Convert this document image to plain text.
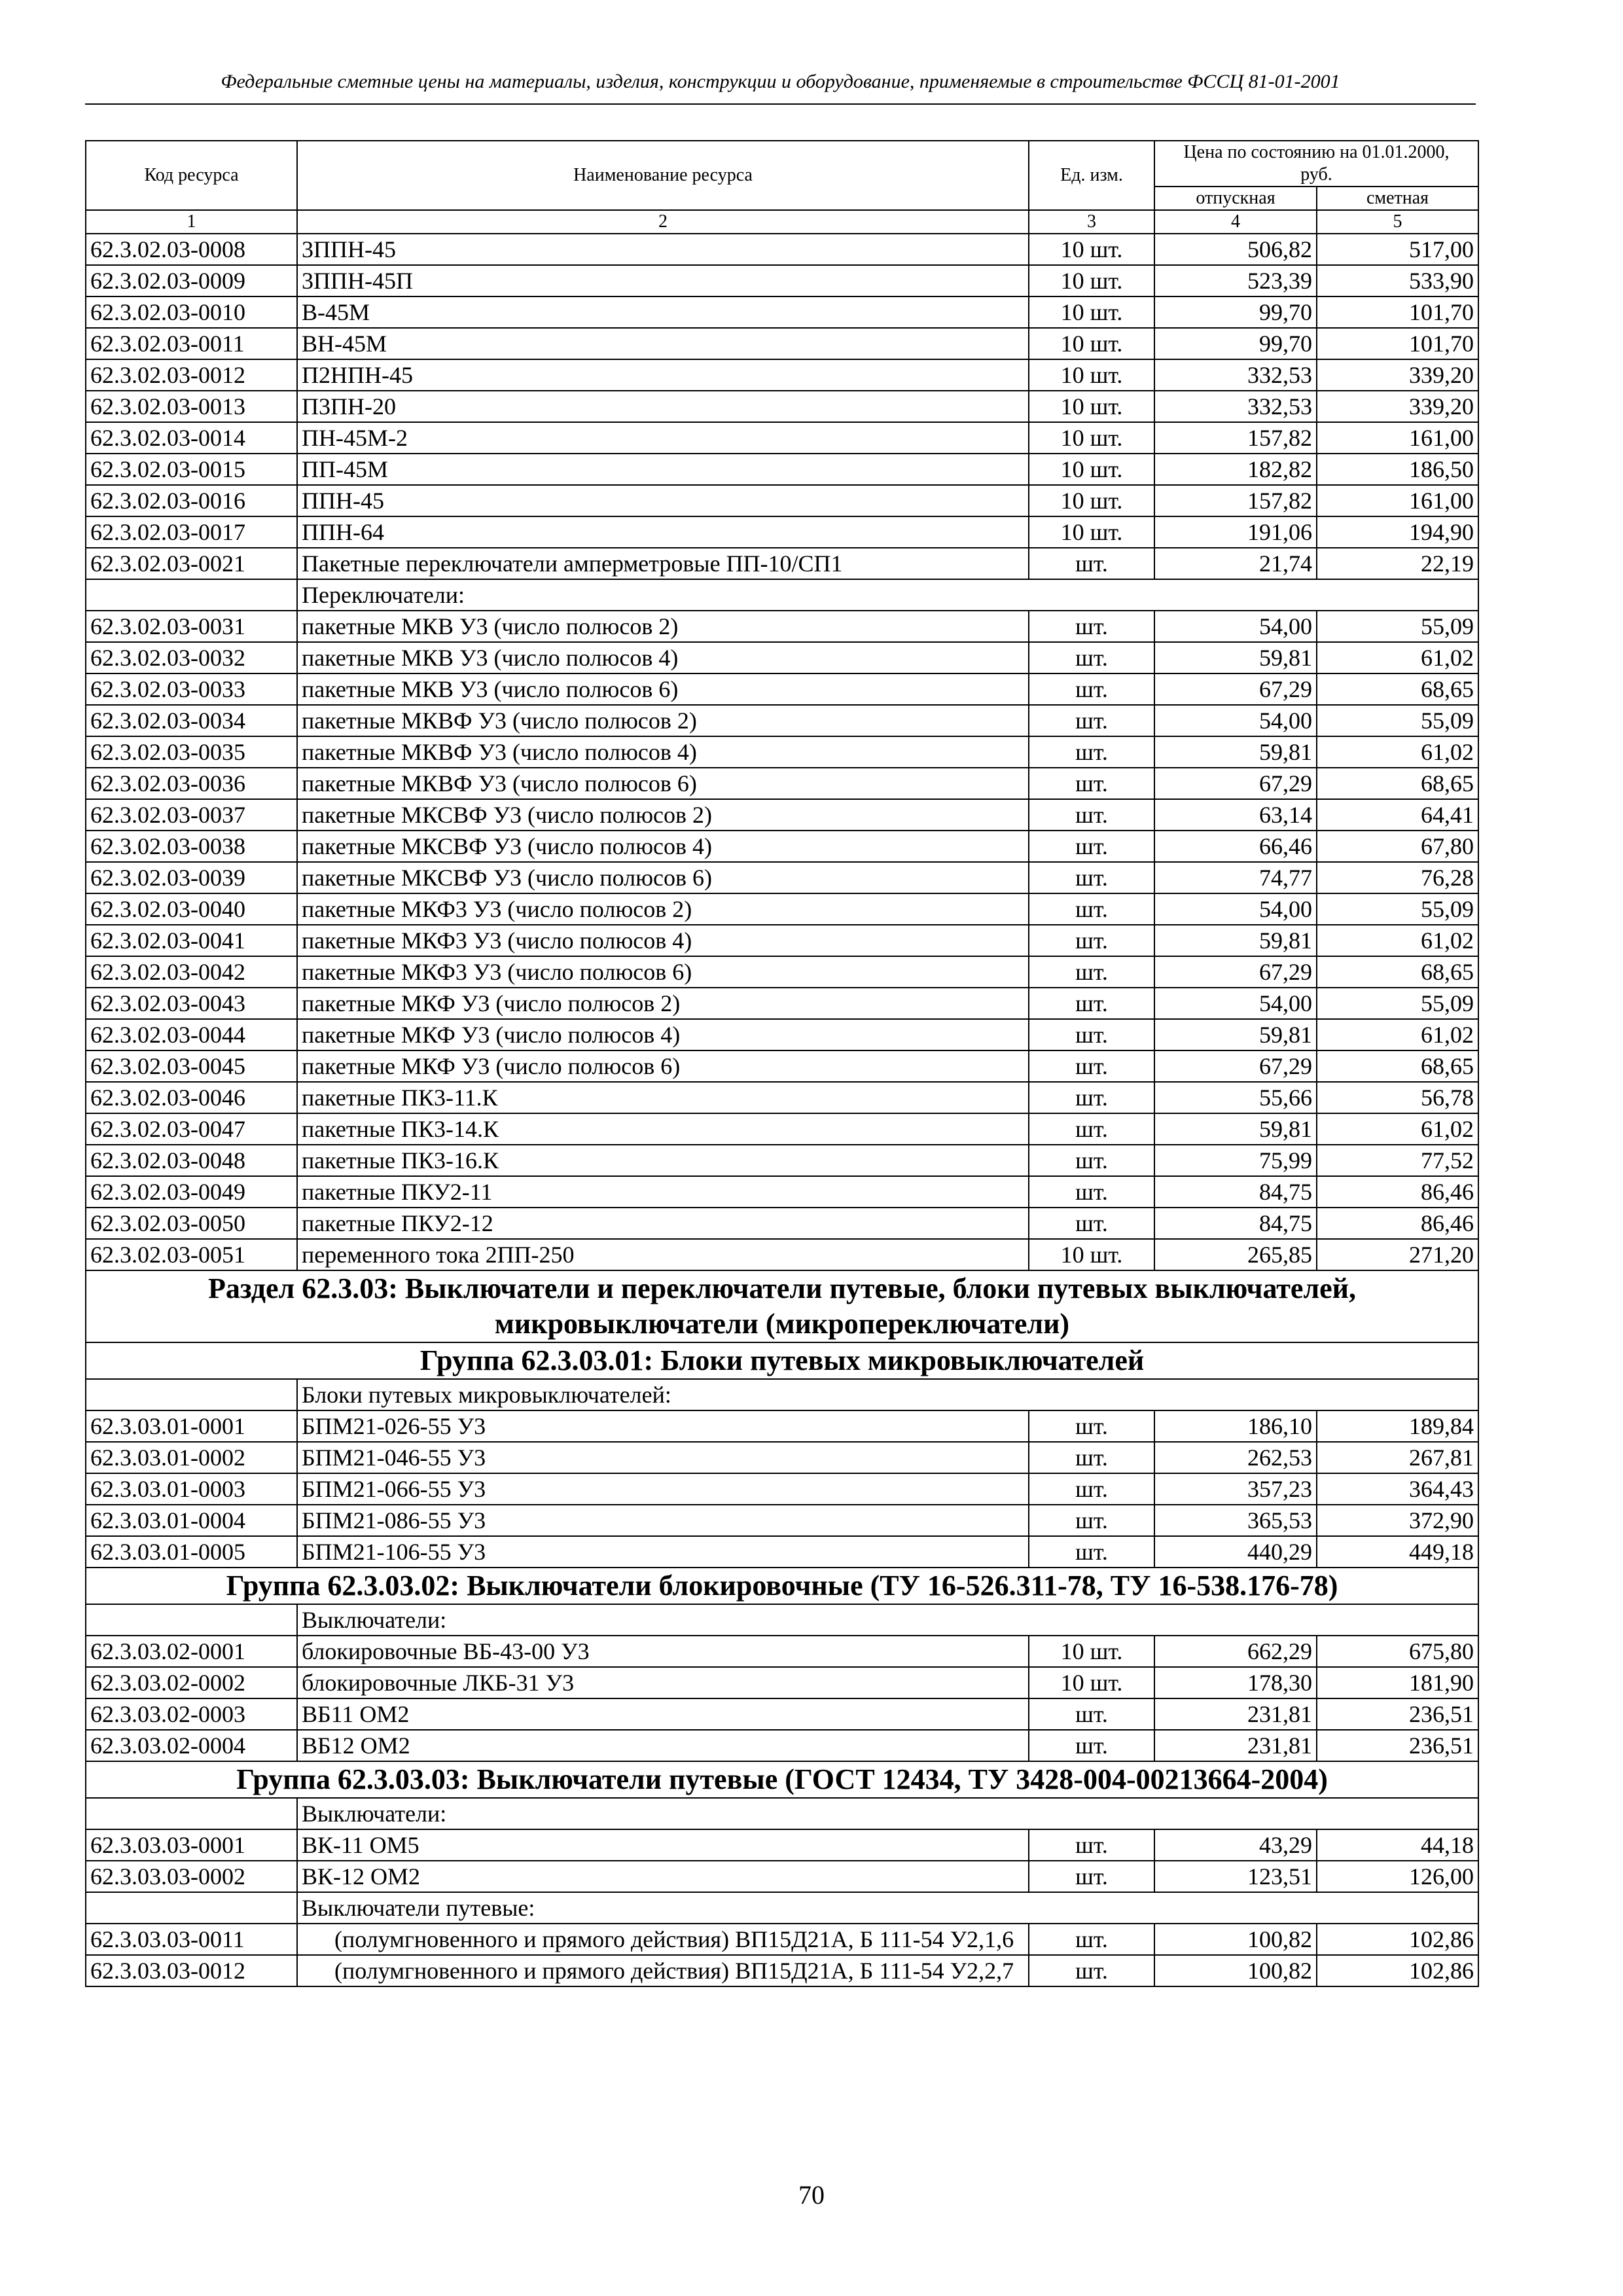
Федеральные сметные цены на материалы, изделия, конструкции и оборудование, применяемые в строительстве ФССЦ 81-01-2001
Код ресурса	Наименование ресурса	Ед. изм.	Цена по состоянию на 01.01.2000, руб.	
			отпускная	сметная
1	2	3	4	5
62.3.02.03-0008	3ППН-45	10 шт.	506,82	517,00
62.3.02.03-0009	3ППН-45П	10 шт.	523,39	533,90
62.3.02.03-0010	В-45М	10 шт.	99,70	101,70
62.3.02.03-0011	ВН-45М	10 шт.	99,70	101,70
62.3.02.03-0012	П2НПН-45	10 шт.	332,53	339,20
62.3.02.03-0013	П3ПН-20	10 шт.	332,53	339,20
62.3.02.03-0014	ПН-45М-2	10 шт.	157,82	161,00
62.3.02.03-0015	ПП-45М	10 шт.	182,82	186,50
62.3.02.03-0016	ППН-45	10 шт.	157,82	161,00
62.3.02.03-0017	ППН-64	10 шт.	191,06	194,90
62.3.02.03-0021	Пакетные переключатели амперметровые ПП-10/СП1	шт.	21,74	22,19
	Переключатели:			
62.3.02.03-0031	пакетные МКВ У3 (число полюсов 2)	шт.	54,00	55,09
62.3.02.03-0032	пакетные МКВ У3 (число полюсов 4)	шт.	59,81	61,02
62.3.02.03-0033	пакетные МКВ У3 (число полюсов 6)	шт.	67,29	68,65
62.3.02.03-0034	пакетные МКВФ У3 (число полюсов 2)	шт.	54,00	55,09
62.3.02.03-0035	пакетные МКВФ У3 (число полюсов 4)	шт.	59,81	61,02
62.3.02.03-0036	пакетные МКВФ У3 (число полюсов 6)	шт.	67,29	68,65
62.3.02.03-0037	пакетные МКСВФ У3 (число полюсов 2)	шт.	63,14	64,41
62.3.02.03-0038	пакетные МКСВФ У3 (число полюсов 4)	шт.	66,46	67,80
62.3.02.03-0039	пакетные МКСВФ У3 (число полюсов 6)	шт.	74,77	76,28
62.3.02.03-0040	пакетные МКФ3 У3 (число полюсов 2)	шт.	54,00	55,09
62.3.02.03-0041	пакетные МКФ3 У3 (число полюсов 4)	шт.	59,81	61,02
62.3.02.03-0042	пакетные МКФ3 У3 (число полюсов 6)	шт.	67,29	68,65
62.3.02.03-0043	пакетные МКФ У3 (число полюсов 2)	шт.	54,00	55,09
62.3.02.03-0044	пакетные МКФ У3 (число полюсов 4)	шт.	59,81	61,02
62.3.02.03-0045	пакетные МКФ У3 (число полюсов 6)	шт.	67,29	68,65
62.3.02.03-0046	пакетные ПК3-11.К	шт.	55,66	56,78
62.3.02.03-0047	пакетные ПК3-14.К	шт.	59,81	61,02
62.3.02.03-0048	пакетные ПК3-16.К	шт.	75,99	77,52
62.3.02.03-0049	пакетные ПКУ2-11	шт.	84,75	86,46
62.3.02.03-0050	пакетные ПКУ2-12	шт.	84,75	86,46
62.3.02.03-0051	переменного тока 2ПП-250	10 шт.	265,85	271,20
Раздел 62.3.03: Выключатели и переключатели путевые, блоки путевых выключателей, микровыключатели (микропереключатели)				
Группа 62.3.03.01: Блоки путевых микровыключателей				
	Блоки путевых микровыключателей:			
62.3.03.01-0001	БПМ21-026-55 У3	шт.	186,10	189,84
62.3.03.01-0002	БПМ21-046-55 У3	шт.	262,53	267,81
62.3.03.01-0003	БПМ21-066-55 У3	шт.	357,23	364,43
62.3.03.01-0004	БПМ21-086-55 У3	шт.	365,53	372,90
62.3.03.01-0005	БПМ21-106-55 У3	шт.	440,29	449,18
Группа 62.3.03.02: Выключатели блокировочные (ТУ 16-526.311-78, ТУ 16-538.176-78)				
	Выключатели:			
62.3.03.02-0001	блокировочные ВБ-43-00 У3	10 шт.	662,29	675,80
62.3.03.02-0002	блокировочные ЛКБ-31 У3	10 шт.	178,30	181,90
62.3.03.02-0003	ВБ11 ОМ2	шт.	231,81	236,51
62.3.03.02-0004	ВБ12 ОМ2	шт.	231,81	236,51
Группа 62.3.03.03: Выключатели путевые (ГОСТ 12434, ТУ 3428-004-00213664-2004)				
	Выключатели:			
62.3.03.03-0001	ВК-11 ОМ5	шт.	43,29	44,18
62.3.03.03-0002	ВК-12 ОМ2	шт.	123,51	126,00
	Выключатели путевые:			
62.3.03.03-0011	(полумгновенного и прямого действия) ВП15Д21А, Б 111-54 У2,1,6	шт.	100,82	102,86
62.3.03.03-0012	(полумгновенного и прямого действия) ВП15Д21А, Б 111-54 У2,2,7	шт.	100,82	102,86
70
